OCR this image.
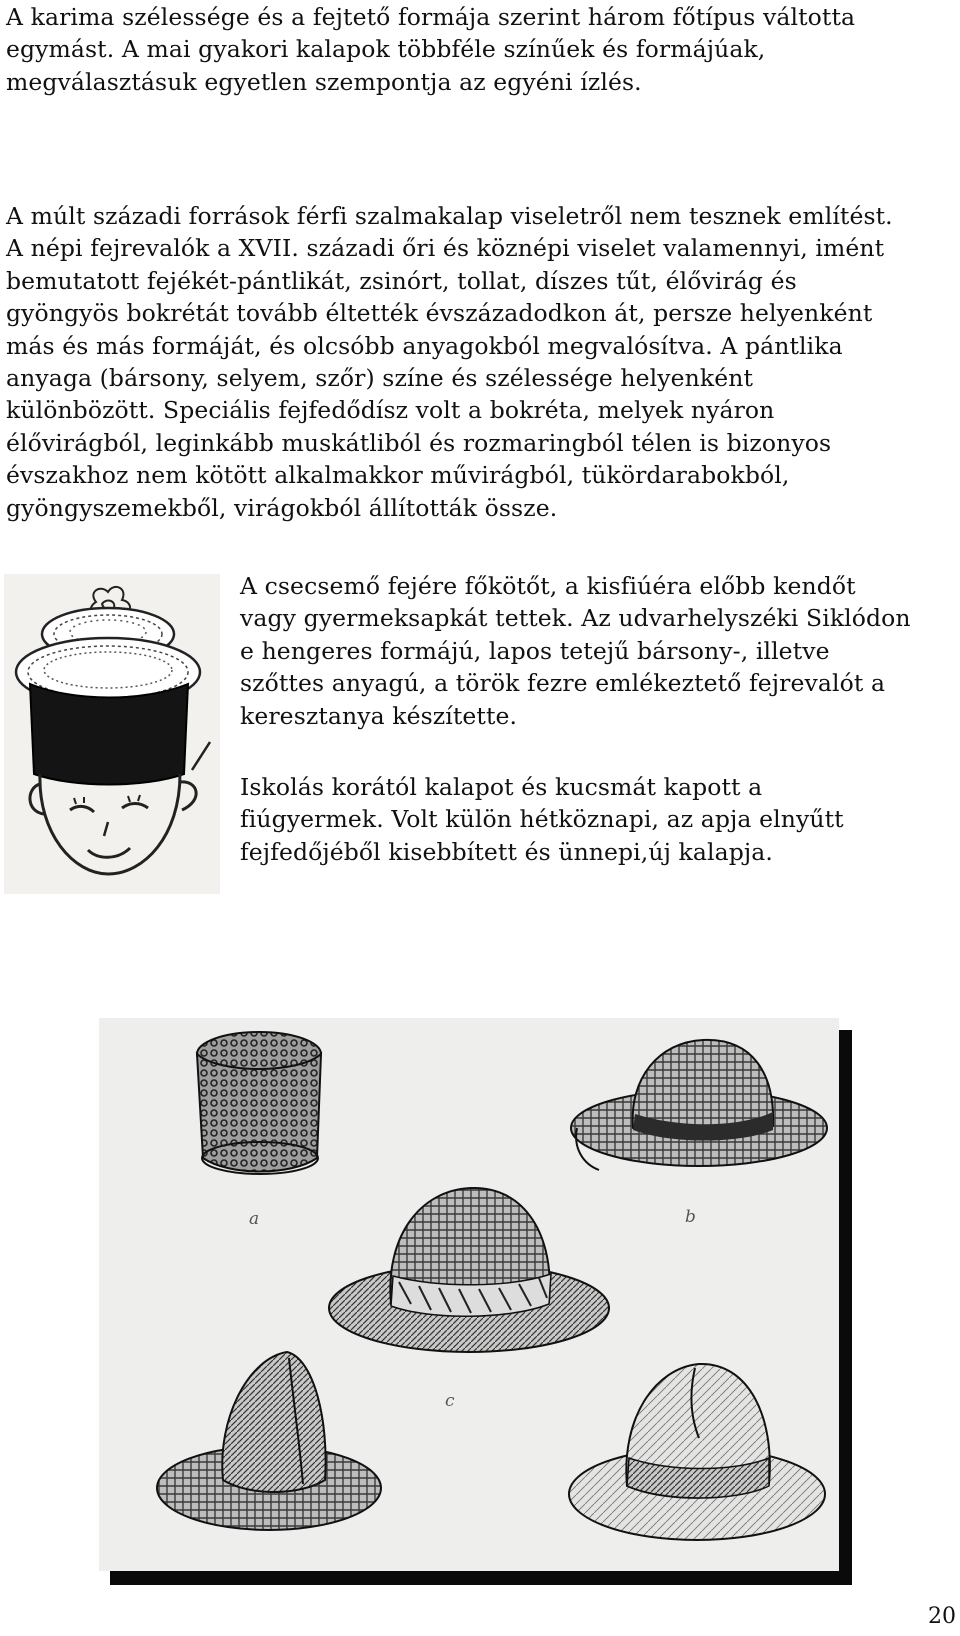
A karima szélessége és a fejtető formája szerint három főtípus váltotta
egymást. A mai gyakori kalapok többféle színűek és formájúak,
megválasztásuk egyetlen szempontja az egyéni ízlés.

A múlt századi források férfi szalmakalap viseletről nem tesznek említést.
A népi fejrevalók a XVII. századi őri és köznépi viselet valamennyi, imént
bemutatott fejékét-pántlikát, zsinórt, tollat, díszes tűt, élővirág és
gyöngyös bokrétát tovább éltették évszázadodkon át, persze helyenként
más és más formáját, és olcsóbb anyagokból megvalósítva. A pántlika
anyaga (bársony, selyem, szőr) színe és szélessége helyenként
különbözött. Speciális fejfedődísz volt a bokréta, melyek nyáron
élővirágból, leginkább muskátliból és rozmaringból télen is bizonyos
évszakhoz nem kötött alkalmakkor művirágból, tükördarabokból,
gyöngyszemekből, virágokból állították össze.

A csecsemő fejére főkötőt, a kisfiúéra előbb kendőt
vagy gyermeksapkát tettek. Az udvarhelyszéki Siklódon
e hengeres formájú, lapos tetejű bársony-, illetve
szőttes anyagú, a török fezre emlékeztető fejrevalót a
keresztanya készítette.

Iskolás korától kalapot és kucsmát kapott a
fiúgyermek. Volt külön hétköznapi, az apja elnyűtt
fejfedőjéből kisebbített és ünnepi,új kalapja.

a	b
c
20
